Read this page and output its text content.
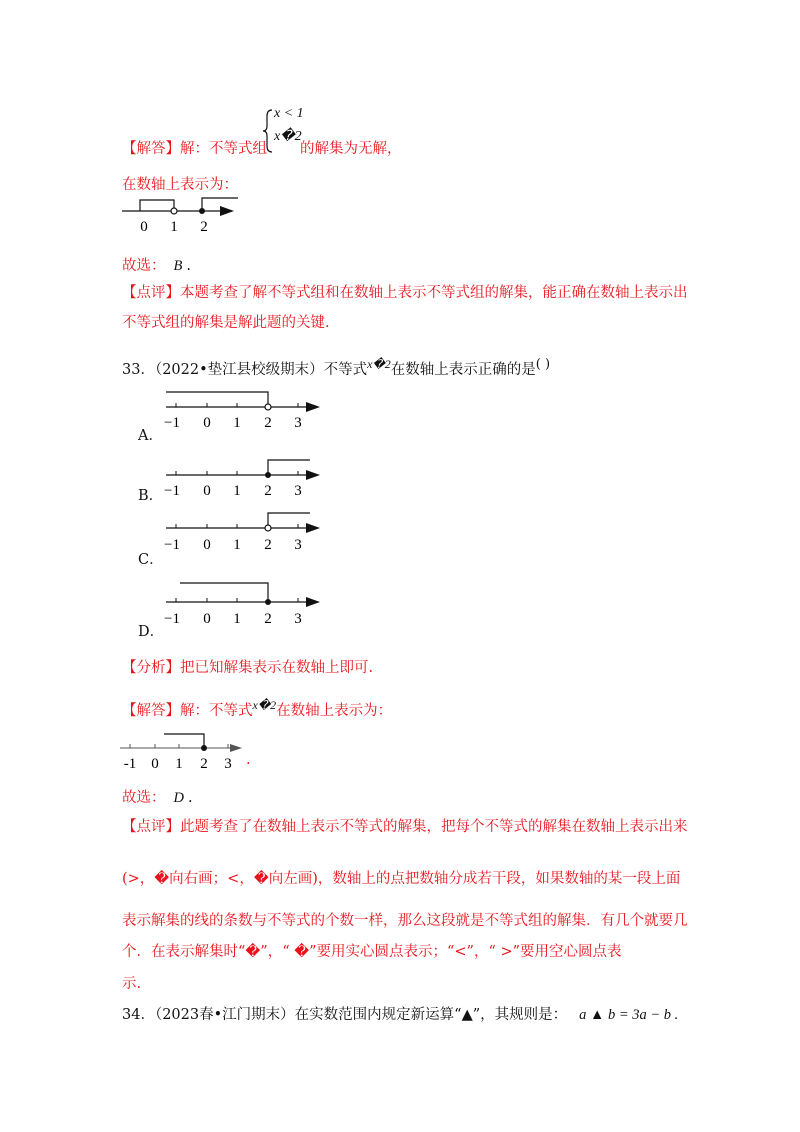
【解答】解：不等式组
x < 1
x�2
的解集为无解，
在数轴上表示为：
0 1 2
故选： B .
【点评】本题考查了解不等式组和在数轴上表示不等式组的解集，能正确在数轴上表示出
不等式组的解集是解此题的关键.
33．（2022•垫江县校级期末）不等式$^{x�2}$在数轴上表示正确的是( )
−1 0 1 2 3
A．
−1 0 1 2 3
B．
−1 0 1 2 3
C．
−1 0 1 2 3
D．
【分析】把已知解集表示在数轴上即可.
【解答】解：不等式$^{x�2}$在数轴上表示为：
-1 0 1 2 3 .
故选： D .
【点评】此题考查了在数轴上表示不等式的解集，把每个不等式的解集在数轴上表示出来
(>，�向右画；<，�向左画)，数轴上的点把数轴分成若干段，如果数轴的某一段上面
表示解集的线的条数与不等式的个数一样，那么这段就是不等式组的解集．有几个就要几
个．在表示解集时“�”，“ �”要用实心圆点表示；“<”，“ >”要用空心圆点表
示.
34．（2023春•江门期末）在实数范围内规定新运算“▲”，其规则是： a ▲ b = 3a − b .
